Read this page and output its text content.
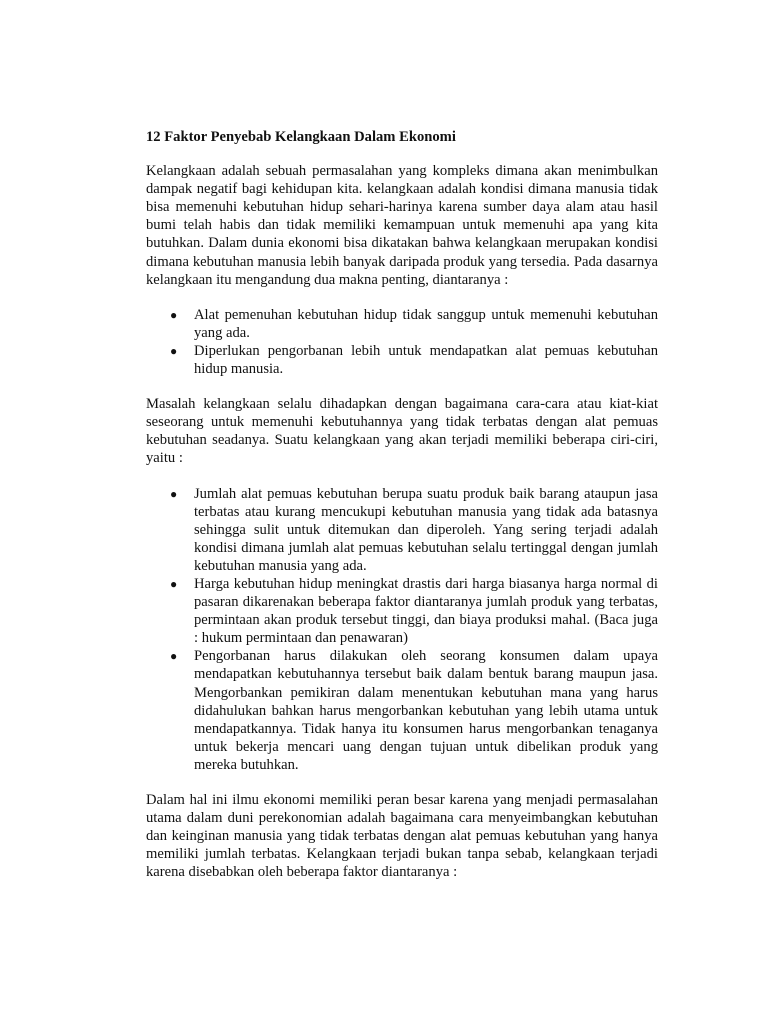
12 Faktor Penyebab Kelangkaan Dalam Ekonomi

Kelangkaan adalah sebuah permasalahan yang kompleks dimana akan menimbulkan dampak negatif bagi kehidupan kita. kelangkaan adalah kondisi dimana manusia tidak bisa memenuhi kebutuhan hidup sehari-harinya karena sumber daya alam atau hasil bumi telah habis dan tidak memiliki kemampuan untuk memenuhi apa yang kita butuhkan. Dalam dunia ekonomi bisa dikatakan bahwa kelangkaan merupakan kondisi dimana kebutuhan manusia lebih banyak daripada produk yang tersedia. Pada dasarnya kelangkaan itu mengandung dua makna penting, diantaranya :

● Alat pemenuhan kebutuhan hidup tidak sanggup untuk memenuhi kebutuhan yang ada.
● Diperlukan pengorbanan lebih untuk mendapatkan alat pemuas kebutuhan hidup manusia.

Masalah kelangkaan selalu dihadapkan dengan bagaimana cara-cara atau kiat-kiat seseorang untuk memenuhi kebutuhannya yang tidak terbatas dengan alat pemuas kebutuhan seadanya. Suatu kelangkaan yang akan terjadi memiliki beberapa ciri-ciri, yaitu :

● Jumlah alat pemuas kebutuhan berupa suatu produk baik barang ataupun jasa terbatas atau kurang mencukupi kebutuhan manusia yang tidak ada batasnya sehingga sulit untuk ditemukan dan diperoleh. Yang sering terjadi adalah kondisi dimana jumlah alat pemuas kebutuhan selalu tertinggal dengan jumlah kebutuhan manusia yang ada.
● Harga kebutuhan hidup meningkat drastis dari harga biasanya harga normal di pasaran dikarenakan beberapa faktor diantaranya jumlah produk yang terbatas, permintaan akan produk tersebut tinggi, dan biaya produksi mahal. (Baca juga : hukum permintaan dan penawaran)
● Pengorbanan harus dilakukan oleh seorang konsumen dalam upaya mendapatkan kebutuhannya tersebut baik dalam bentuk barang maupun jasa. Mengorbankan pemikiran dalam menentukan kebutuhan mana yang harus didahulukan bahkan harus mengorbankan kebutuhan yang lebih utama untuk mendapatkannya. Tidak hanya itu konsumen harus mengorbankan tenaganya untuk bekerja mencari uang dengan tujuan untuk dibelikan produk yang mereka butuhkan.

Dalam hal ini ilmu ekonomi memiliki peran besar karena yang menjadi permasalahan utama dalam duni perekonomian adalah bagaimana cara menyeimbangkan kebutuhan dan keinginan manusia yang tidak terbatas dengan alat pemuas kebutuhan yang hanya memiliki jumlah terbatas. Kelangkaan terjadi bukan tanpa sebab, kelangkaan terjadi karena disebabkan oleh beberapa faktor diantaranya :
